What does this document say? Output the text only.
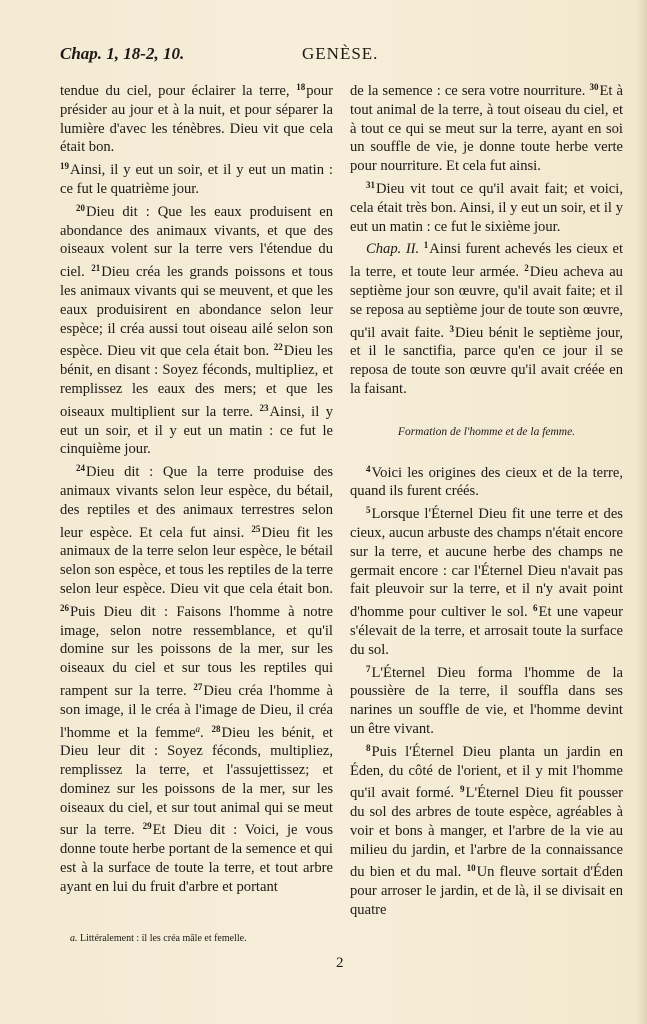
Chap. 1, 18-2, 10.	GENÈSE.

tendue du ciel, pour éclairer la terre, $^{18}$pour présider au jour et à la nuit, et pour séparer la lumière d'avec les ténèbres. Dieu vit que cela était bon.

$^{19}$Ainsi, il y eut un soir, et il y eut un matin : ce fut le quatrième jour.

$^{20}$Dieu dit : Que les eaux produisent en abondance des animaux vivants, et que des oiseaux volent sur la terre vers l'étendue du ciel. $^{21}$Dieu créa les grands poissons et tous les animaux vivants qui se meuvent, et que les eaux produisirent en abondance selon leur espèce; il créa aussi tout oiseau ailé selon son espèce. Dieu vit que cela était bon. $^{22}$Dieu les bénit, en disant : Soyez féconds, multipliez, et remplissez les eaux des mers; et que les oiseaux multiplient sur la terre. $^{23}$Ainsi, il y eut un soir, et il y eut un matin : ce fut le cinquième jour.

$^{24}$Dieu dit : Que la terre produise des animaux vivants selon leur espèce, du bétail, des reptiles et des animaux terrestres selon leur espèce. Et cela fut ainsi. $^{25}$Dieu fit les animaux de la terre selon leur espèce, le bétail selon son espèce, et tous les reptiles de la terre selon leur espèce. Dieu vit que cela était bon. $^{26}$Puis Dieu dit : Faisons l'homme à notre image, selon notre ressemblance, et qu'il domine sur les poissons de la mer, sur les oiseaux du ciel et sur tous les reptiles qui rampent sur la terre. $^{27}$Dieu créa l'homme à son image, il le créa à l'image de Dieu, il créa l'homme et la femme$^a$. $^{28}$Dieu les bénit, et Dieu leur dit : Soyez féconds, multipliez, remplissez la terre, et l'assujettissez; et dominez sur les poissons de la mer, sur les oiseaux du ciel, et sur tout animal qui se meut sur la terre. $^{29}$Et Dieu dit : Voici, je vous donne toute herbe portant de la semence et qui est à la surface de toute la terre, et tout arbre ayant en lui du fruit d'arbre et portant

de la semence : ce sera votre nourriture. $^{30}$Et à tout animal de la terre, à tout oiseau du ciel, et à tout ce qui se meut sur la terre, ayant en soi un souffle de vie, je donne toute herbe verte pour nourriture. Et cela fut ainsi.

$^{31}$Dieu vit tout ce qu'il avait fait; et voici, cela était très bon. Ainsi, il y eut un soir, et il y eut un matin : ce fut le sixième jour.

Chap. II. $^1$Ainsi furent achevés les cieux et la terre, et toute leur armée. $^2$Dieu acheva au septième jour son œuvre, qu'il avait faite; et il se reposa au septième jour de toute son œuvre, qu'il avait faite. $^3$Dieu bénit le septième jour, et il le sanctifia, parce qu'en ce jour il se reposa de toute son œuvre qu'il avait créée en la faisant.

Formation de l'homme et de la femme.

$^4$Voici les origines des cieux et de la terre, quand ils furent créés.

$^5$Lorsque l'Éternel Dieu fit une terre et des cieux, aucun arbuste des champs n'était encore sur la terre, et aucune herbe des champs ne germait encore : car l'Éternel Dieu n'avait pas fait pleuvoir sur la terre, et il n'y avait point d'homme pour cultiver le sol. $^6$Et une vapeur s'élevait de la terre, et arrosait toute la surface du sol.

$^7$L'Éternel Dieu forma l'homme de la poussière de la terre, il souffla dans ses narines un souffle de vie, et l'homme devint un être vivant.

$^8$Puis l'Éternel Dieu planta un jardin en Éden, du côté de l'orient, et il y mit l'homme qu'il avait formé. $^9$L'Éternel Dieu fit pousser du sol des arbres de toute espèce, agréables à voir et bons à manger, et l'arbre de la vie au milieu du jardin, et l'arbre de la connaissance du bien et du mal. $^{10}$Un fleuve sortait d'Éden pour arroser le jardin, et de là, il se divisait en quatre

a. Littéralement : il les créa mâle et femelle.
2
